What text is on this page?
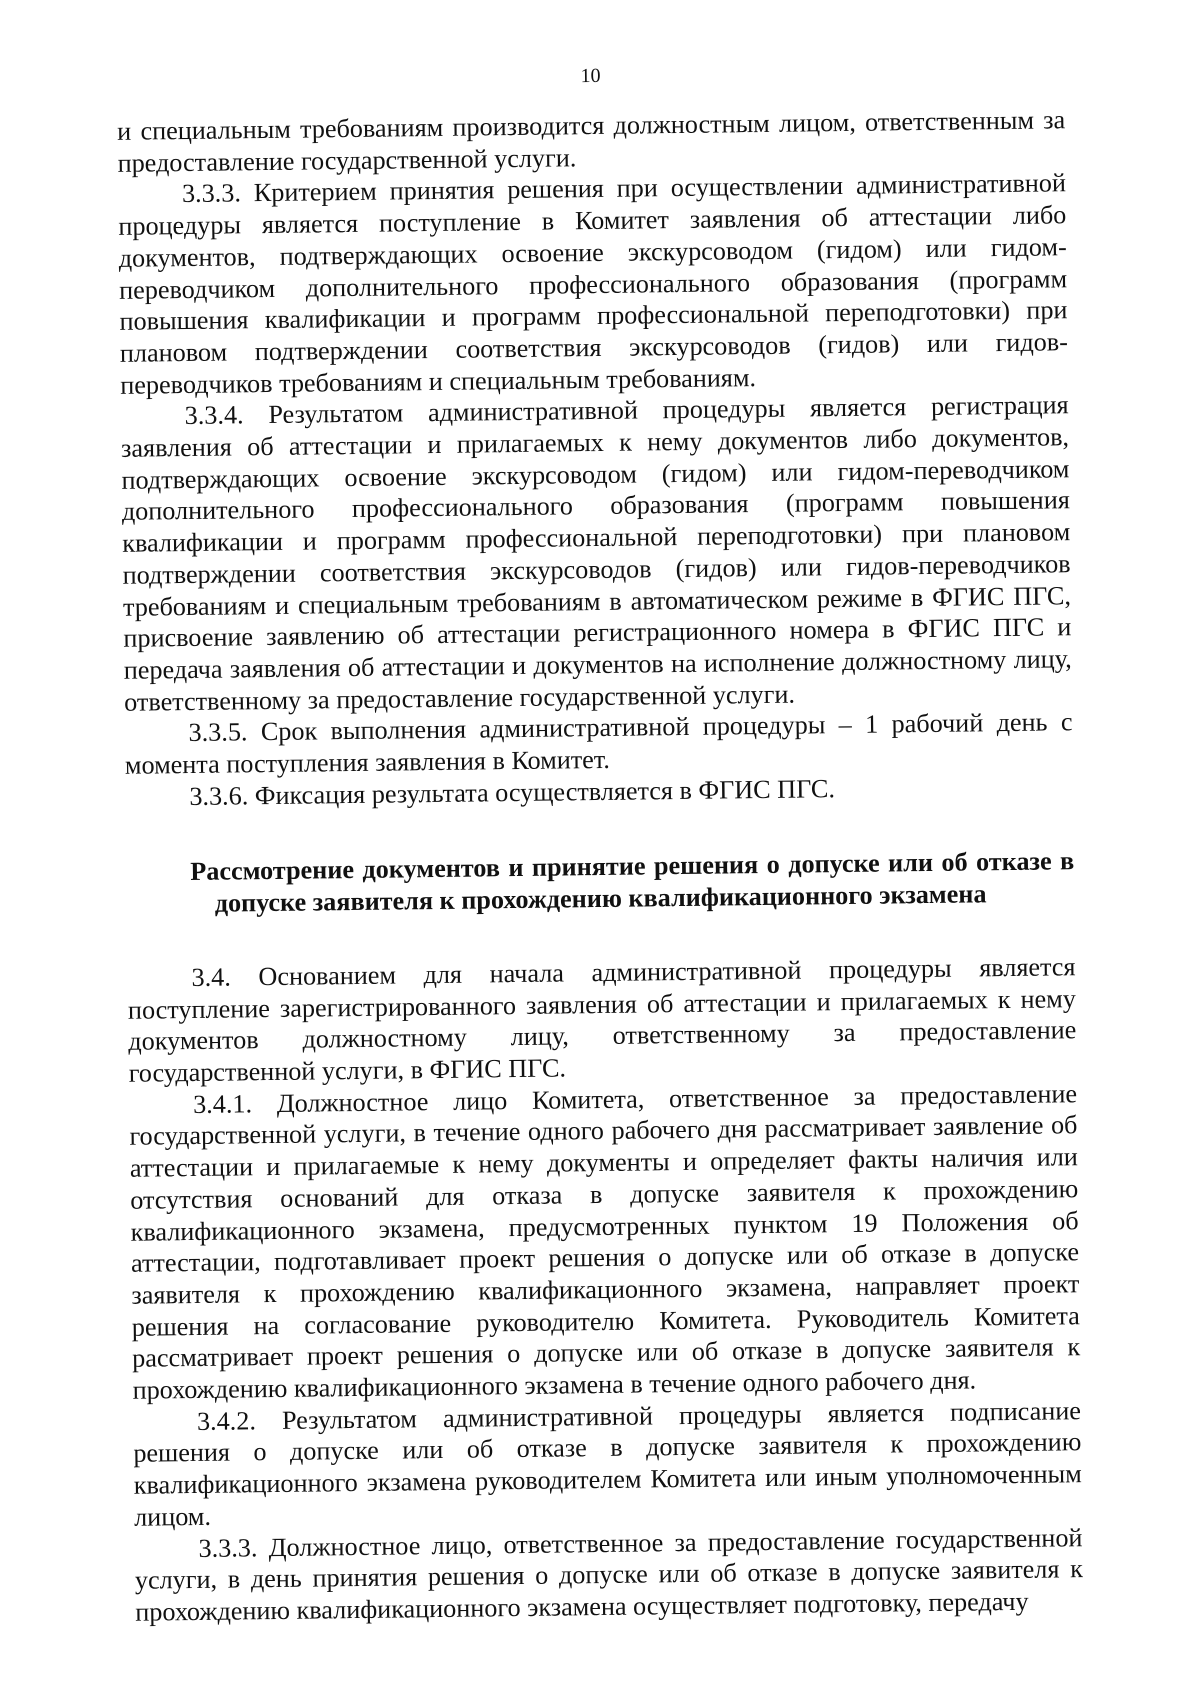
10

и специальным требованиям производится должностным лицом, ответственным за предоставление государственной услуги.

3.3.3. Критерием принятия решения при осуществлении административной процедуры является поступление в Комитет заявления об аттестации либо документов, подтверждающих освоение экскурсоводом (гидом) или гидом-переводчиком дополнительного профессионального образования (программ повышения квалификации и программ профессиональной переподготовки) при плановом подтверждении соответствия экскурсоводов (гидов) или гидов-переводчиков требованиям и специальным требованиям.

3.3.4. Результатом административной процедуры является регистрация заявления об аттестации и прилагаемых к нему документов либо документов, подтверждающих освоение экскурсоводом (гидом) или гидом-переводчиком дополнительного профессионального образования (программ повышения квалификации и программ профессиональной переподготовки) при плановом подтверждении соответствия экскурсоводов (гидов) или гидов-переводчиков требованиям и специальным требованиям в автоматическом режиме в ФГИС ПГС, присвоение заявлению об аттестации регистрационного номера в ФГИС ПГС и передача заявления об аттестации и документов на исполнение должностному лицу, ответственному за предоставление государственной услуги.

3.3.5. Срок выполнения административной процедуры – 1 рабочий день с момента поступления заявления в Комитет.

3.3.6. Фиксация результата осуществляется в ФГИС ПГС.

Рассмотрение документов и принятие решения о допуске или об отказе в допуске заявителя к прохождению квалификационного экзамена

3.4. Основанием для начала административной процедуры является поступление зарегистрированного заявления об аттестации и прилагаемых к нему документов должностному лицу, ответственному за предоставление государственной услуги, в ФГИС ПГС.

3.4.1. Должностное лицо Комитета, ответственное за предоставление государственной услуги, в течение одного рабочего дня рассматривает заявление об аттестации и прилагаемые к нему документы и определяет факты наличия или отсутствия оснований для отказа в допуске заявителя к прохождению квалификационного экзамена, предусмотренных пунктом 19 Положения об аттестации, подготавливает проект решения о допуске или об отказе в допуске заявителя к прохождению квалификационного экзамена, направляет проект решения на согласование руководителю Комитета. Руководитель Комитета рассматривает проект решения о допуске или об отказе в допуске заявителя к прохождению квалификационного экзамена в течение одного рабочего дня.

3.4.2. Результатом административной процедуры является подписание решения о допуске или об отказе в допуске заявителя к прохождению квалификационного экзамена руководителем Комитета или иным уполномоченным лицом.

3.3.3. Должностное лицо, ответственное за предоставление государственной услуги, в день принятия решения о допуске или об отказе в допуске заявителя к прохождению квалификационного экзамена осуществляет подготовку, передачу
